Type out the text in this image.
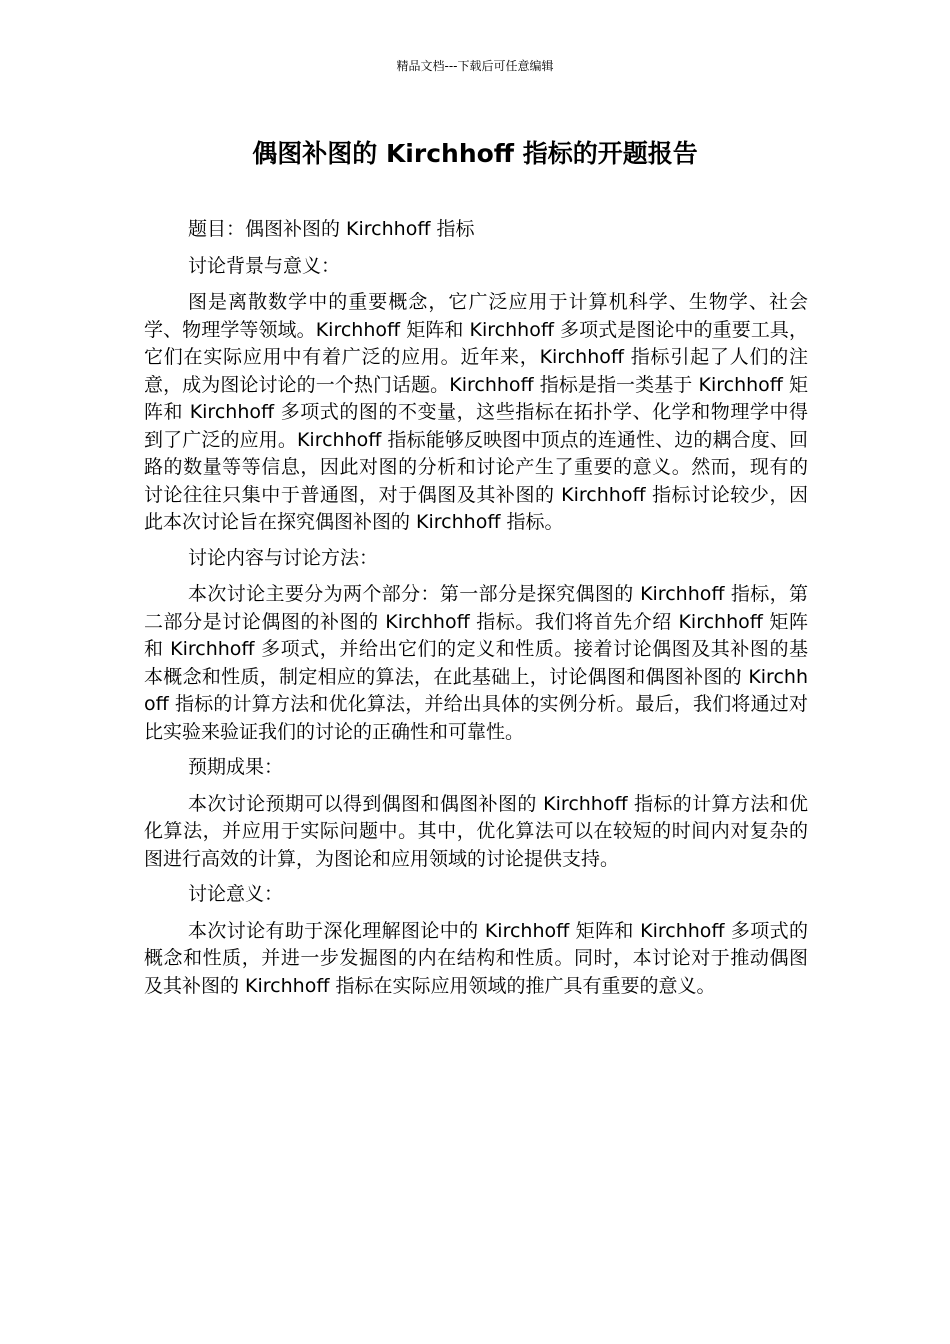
精品文档---下载后可任意编辑
偶图补图的 Kirchhoff 指标的开题报告

题目：偶图补图的 Kirchhoff 指标

讨论背景与意义：

图是离散数学中的重要概念，它广泛应用于计算机科学、生物学、社会学、物理学等领域。Kirchhoff 矩阵和 Kirchhoff 多项式是图论中的重要工具，它们在实际应用中有着广泛的应用。近年来，Kirchhoff 指标引起了人们的注意，成为图论讨论的一个热门话题。Kirchhoff 指标是指一类基于 Kirchhoff 矩阵和 Kirchhoff 多项式的图的不变量，这些指标在拓扑学、化学和物理学中得到了广泛的应用。Kirchhoff 指标能够反映图中顶点的连通性、边的耦合度、回路的数量等等信息，因此对图的分析和讨论产生了重要的意义。然而，现有的讨论往往只集中于普通图，对于偶图及其补图的 Kirchhoff 指标讨论较少，因此本次讨论旨在探究偶图补图的 Kirchhoff 指标。

讨论内容与讨论方法：

本次讨论主要分为两个部分：第一部分是探究偶图的 Kirchhoff 指标，第二部分是讨论偶图的补图的 Kirchhoff 指标。我们将首先介绍 Kirchhoff 矩阵和 Kirchhoff 多项式，并给出它们的定义和性质。接着讨论偶图及其补图的基本概念和性质，制定相应的算法，在此基础上，讨论偶图和偶图补图的 Kirchhoff 指标的计算方法和优化算法，并给出具体的实例分析。最后，我们将通过对比实验来验证我们的讨论的正确性和可靠性。

预期成果：

本次讨论预期可以得到偶图和偶图补图的 Kirchhoff 指标的计算方法和优化算法，并应用于实际问题中。其中，优化算法可以在较短的时间内对复杂的图进行高效的计算，为图论和应用领域的讨论提供支持。

讨论意义：

本次讨论有助于深化理解图论中的 Kirchhoff 矩阵和 Kirchhoff 多项式的概念和性质，并进一步发掘图的内在结构和性质。同时，本讨论对于推动偶图及其补图的 Kirchhoff 指标在实际应用领域的推广具有重要的意义。
